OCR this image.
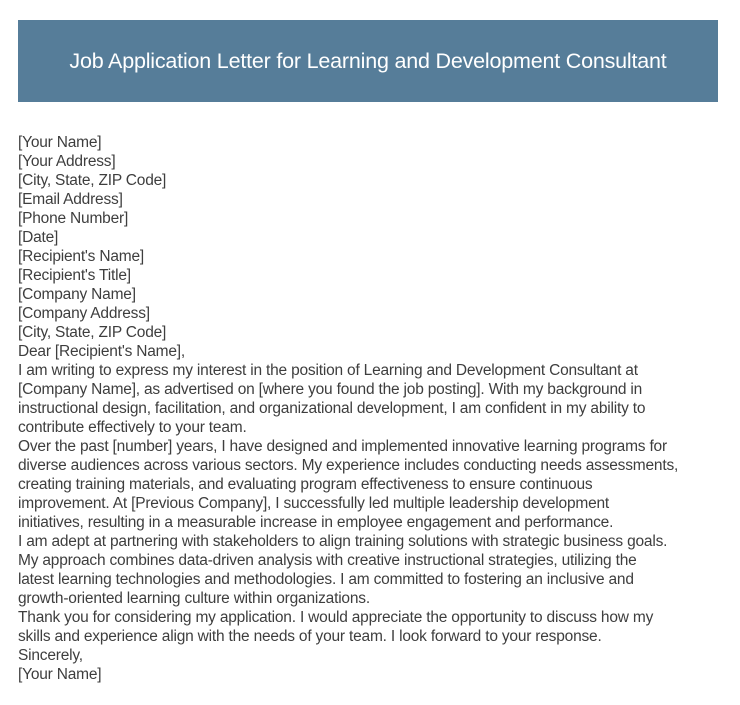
Job Application Letter for Learning and Development Consultant
[Your Name]
[Your Address]
[City, State, ZIP Code]
[Email Address]
[Phone Number]
[Date]
[Recipient's Name]
[Recipient's Title]
[Company Name]
[Company Address]
[City, State, ZIP Code]
Dear [Recipient's Name],
I am writing to express my interest in the position of Learning and Development Consultant at
[Company Name], as advertised on [where you found the job posting]. With my background in
instructional design, facilitation, and organizational development, I am confident in my ability to
contribute effectively to your team.
Over the past [number] years, I have designed and implemented innovative learning programs for
diverse audiences across various sectors. My experience includes conducting needs assessments,
creating training materials, and evaluating program effectiveness to ensure continuous
improvement. At [Previous Company], I successfully led multiple leadership development
initiatives, resulting in a measurable increase in employee engagement and performance.
I am adept at partnering with stakeholders to align training solutions with strategic business goals.
My approach combines data-driven analysis with creative instructional strategies, utilizing the
latest learning technologies and methodologies. I am committed to fostering an inclusive and
growth-oriented learning culture within organizations.
Thank you for considering my application. I would appreciate the opportunity to discuss how my
skills and experience align with the needs of your team. I look forward to your response.
Sincerely,
[Your Name]
